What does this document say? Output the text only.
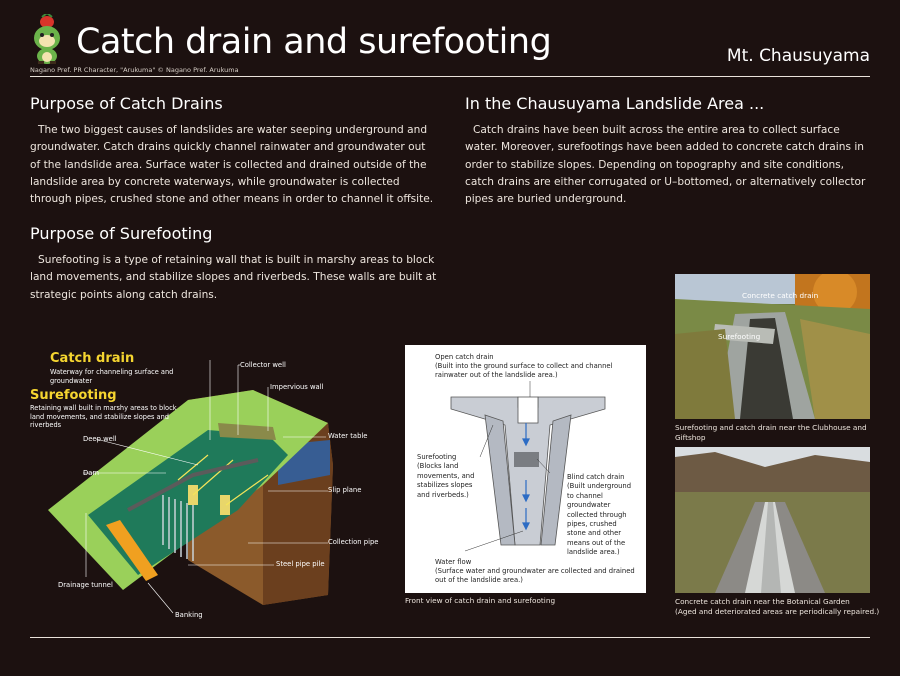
Catch drain and surefooting	Mt. Chausuyama
Nagano Pref. PR Character, "Arukuma" © Nagano Pref. Arukuma
Purpose of Catch Drains

The two biggest causes of landslides are water seeping underground and groundwater. Catch drains quickly channel rainwater and groundwater out of the landslide area. Surface water is collected and drained outside of the landslide area by concrete waterways, while groundwater is collected through pipes, crushed stone and other means in order to channel it offsite.

Purpose of Surefooting

Surefooting is a type of retaining wall that is built in marshy areas to block land movements, and stabilize slopes and riverbeds. These walls are built at strategic points along catch drains.

In the Chausuyama Landslide Area ...

Catch drains have been built across the entire area to collect surface water. Moreover, surefootings have been added to concrete catch drains in order to stabilize slopes. Depending on topography and site conditions, catch drains are either corrugated or U–bottomed, or alternatively collector pipes are buried underground.

Catch drain
Waterway for channeling surface and groundwater
Surefooting
Retaining wall built in marshy areas to block land movements, and stabilize slopes and riverbeds
Deep well
Dam
Drainage tunnel
Banking
Collector well
Impervious wall
Water table
Slip plane
Collection pipe
Steel pipe pile
Open catch drain
(Built into the ground surface to collect and channel rainwater out of the landslide area.)
Surefooting
(Blocks land movements, and stabilizes slopes and riverbeds.)
Blind catch drain
(Built underground to channel groundwater collected through pipes, crushed stone and other means out of the landslide area.)
Water flow
(Surface water and groundwater are collected and drained out of the landslide area.)
Front view of catch drain and surefooting
Concrete catch drain
Surefooting
Surefooting and catch drain near the Clubhouse and Giftshop
Concrete catch drain near the Botanical Garden
(Aged and deteriorated areas are periodically repaired.)
